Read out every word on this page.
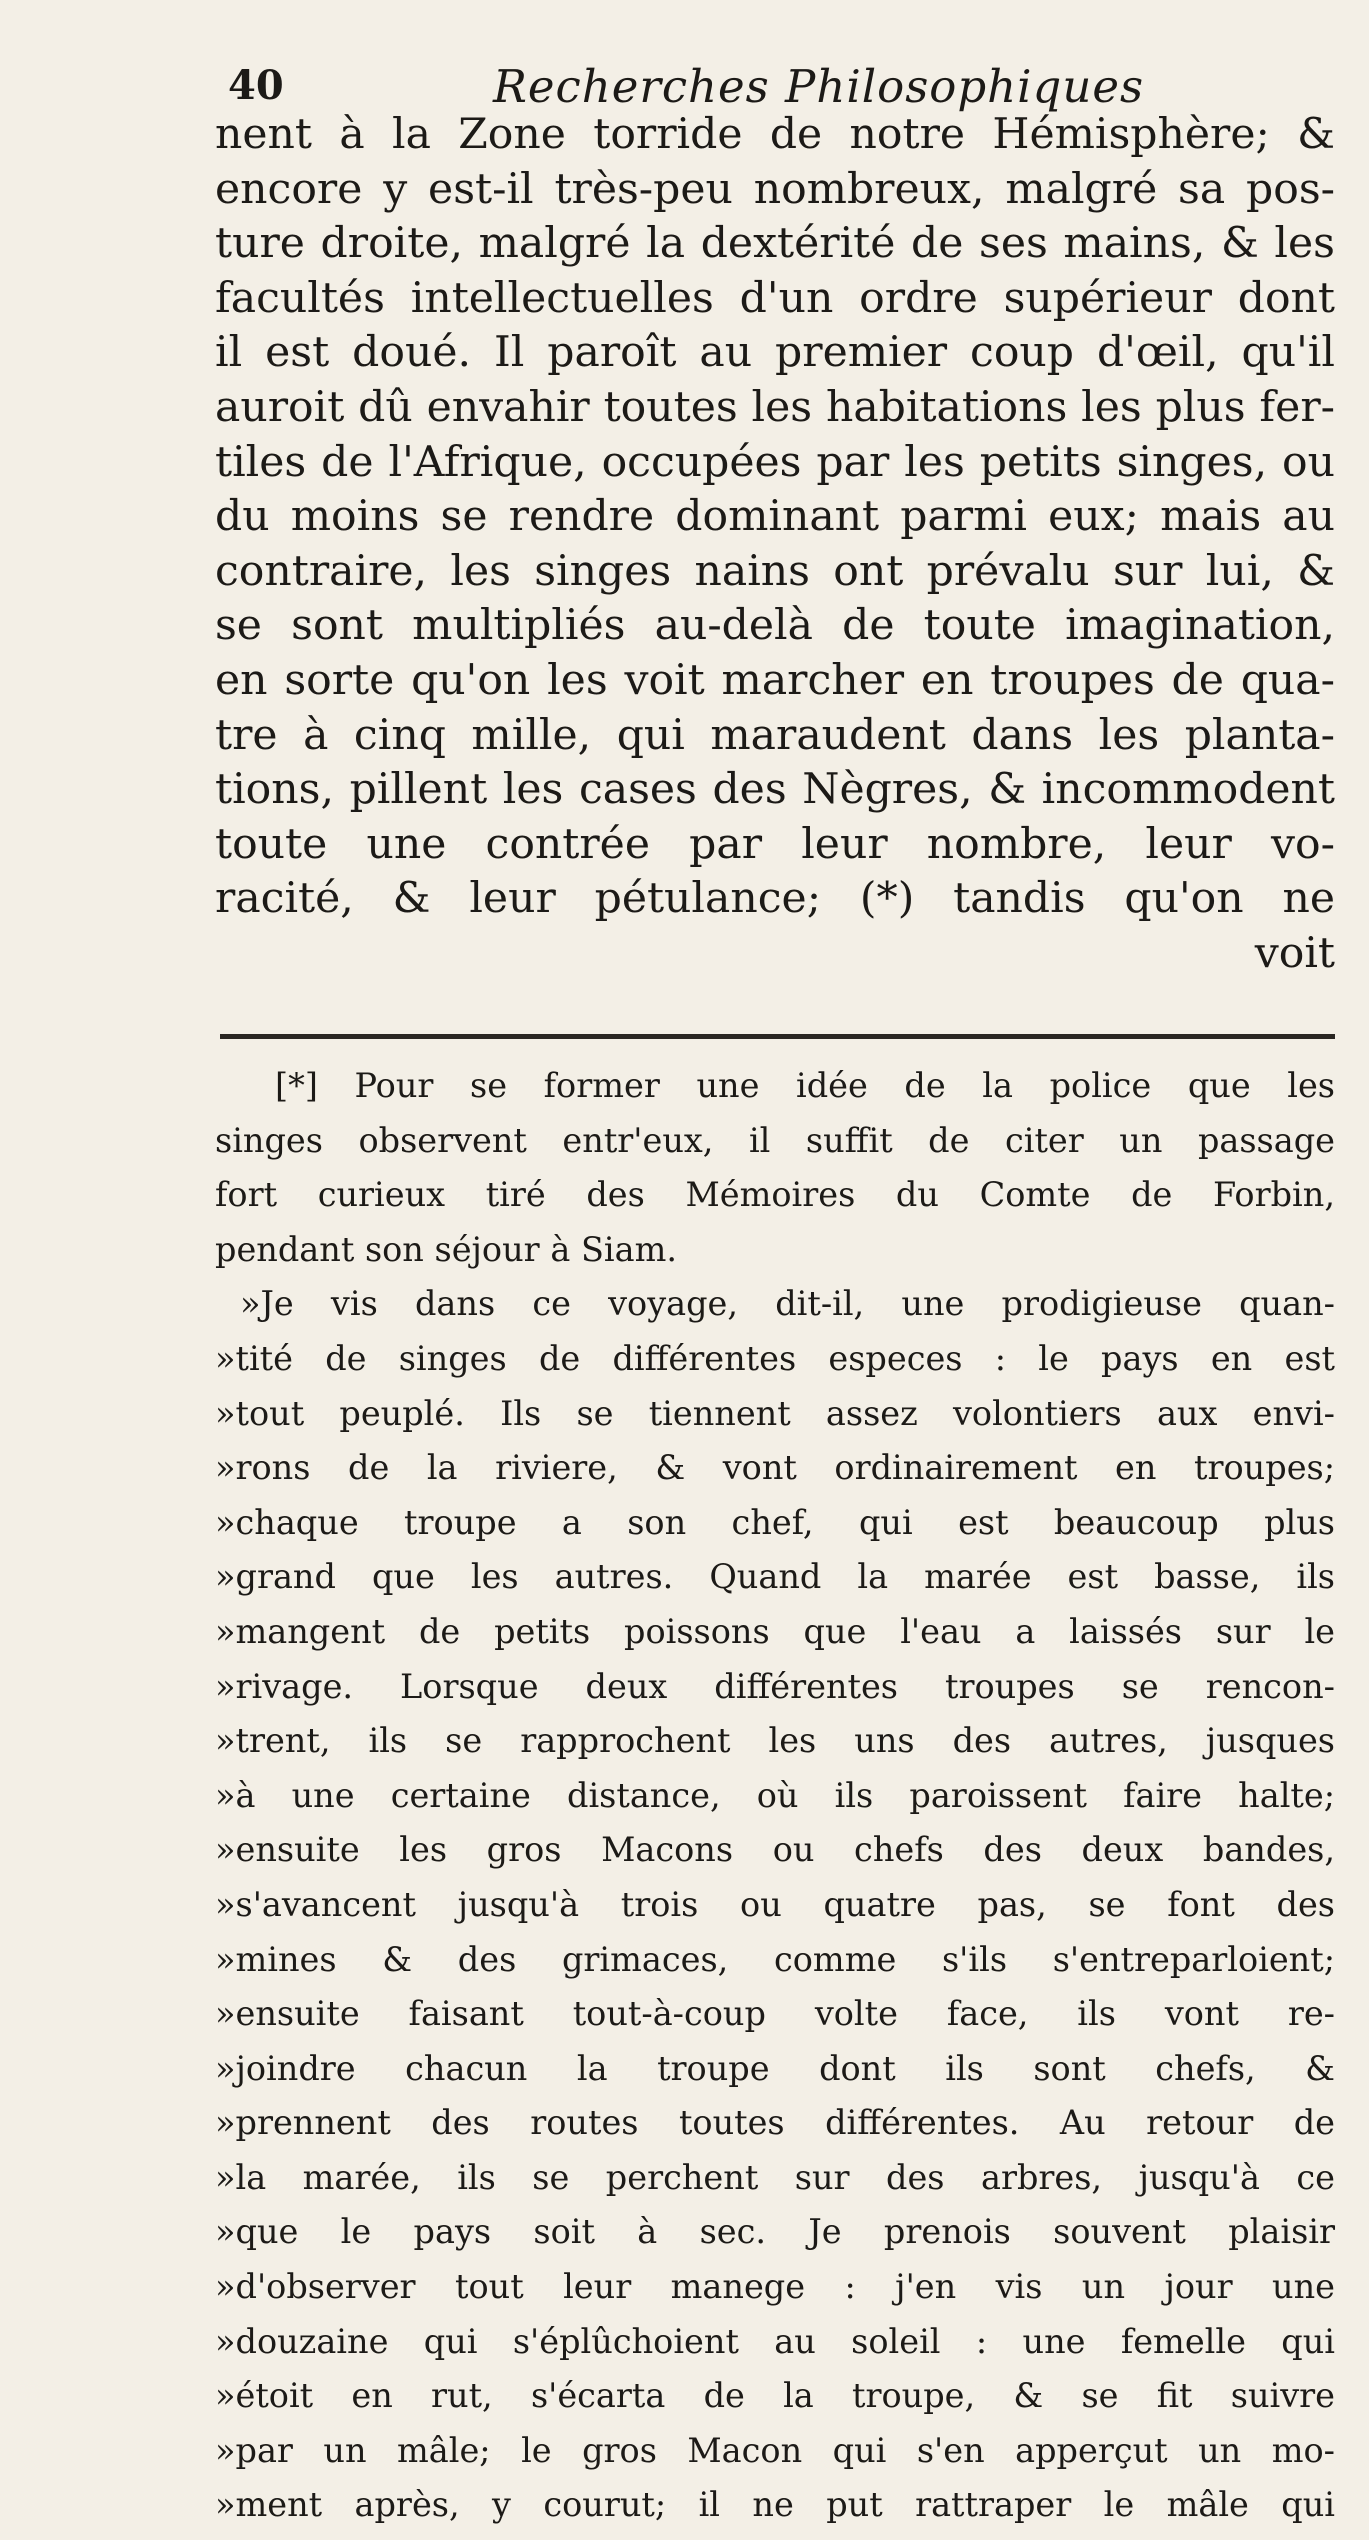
40	Recherches Philosophiques
nent à la Zone torride de notre Hémisphère; &
encore y est-il très-peu nombreux, malgré sa pos-
ture droite, malgré la dextérité de ses mains, & les
facultés intellectuelles d'un ordre supérieur dont
il est doué. Il paroît au premier coup d'œil, qu'il
auroit dû envahir toutes les habitations les plus fer-
tiles de l'Afrique, occupées par les petits singes, ou
du moins se rendre dominant parmi eux; mais au
contraire, les singes nains ont prévalu sur lui, &
se sont multipliés au-delà de toute imagination,
en sorte qu'on les voit marcher en troupes de qua-
tre à cinq mille, qui maraudent dans les planta-
tions, pillent les cases des Nègres, & incommodent
toute une contrée par leur nombre, leur vo-
racité, & leur pétulance; (*) tandis qu'on ne
voit
[*] Pour se former une idée de la police que les
singes observent entr'eux, il suffit de citer un passage
fort curieux tiré des Mémoires du Comte de Forbin,
pendant son séjour à Siam.
»Je vis dans ce voyage, dit-il, une prodigieuse quan-
»tité de singes de différentes especes : le pays en est
»tout peuplé. Ils se tiennent assez volontiers aux envi-
»rons de la riviere, & vont ordinairement en troupes;
»chaque troupe a son chef, qui est beaucoup plus
»grand que les autres. Quand la marée est basse, ils
»mangent de petits poissons que l'eau a laissés sur le
»rivage. Lorsque deux différentes troupes se rencon-
»trent, ils se rapprochent les uns des autres, jusques
»à une certaine distance, où ils paroissent faire halte;
»ensuite les gros Macons ou chefs des deux bandes,
»s'avancent jusqu'à trois ou quatre pas, se font des
»mines & des grimaces, comme s'ils s'entreparloient;
»ensuite faisant tout-à-coup volte face, ils vont re-
»joindre chacun la troupe dont ils sont chefs, &
»prennent des routes toutes différentes. Au retour de
»la marée, ils se perchent sur des arbres, jusqu'à ce
»que le pays soit à sec. Je prenois souvent plaisir
»d'observer tout leur manege : j'en vis un jour une
»douzaine qui s'éplûchoient au soleil : une femelle qui
»étoit en rut, s'écarta de la troupe, & se fit suivre
»par un mâle; le gros Macon qui s'en apperçut un mo-
»ment après, y courut; il ne put rattraper le mâle qui
